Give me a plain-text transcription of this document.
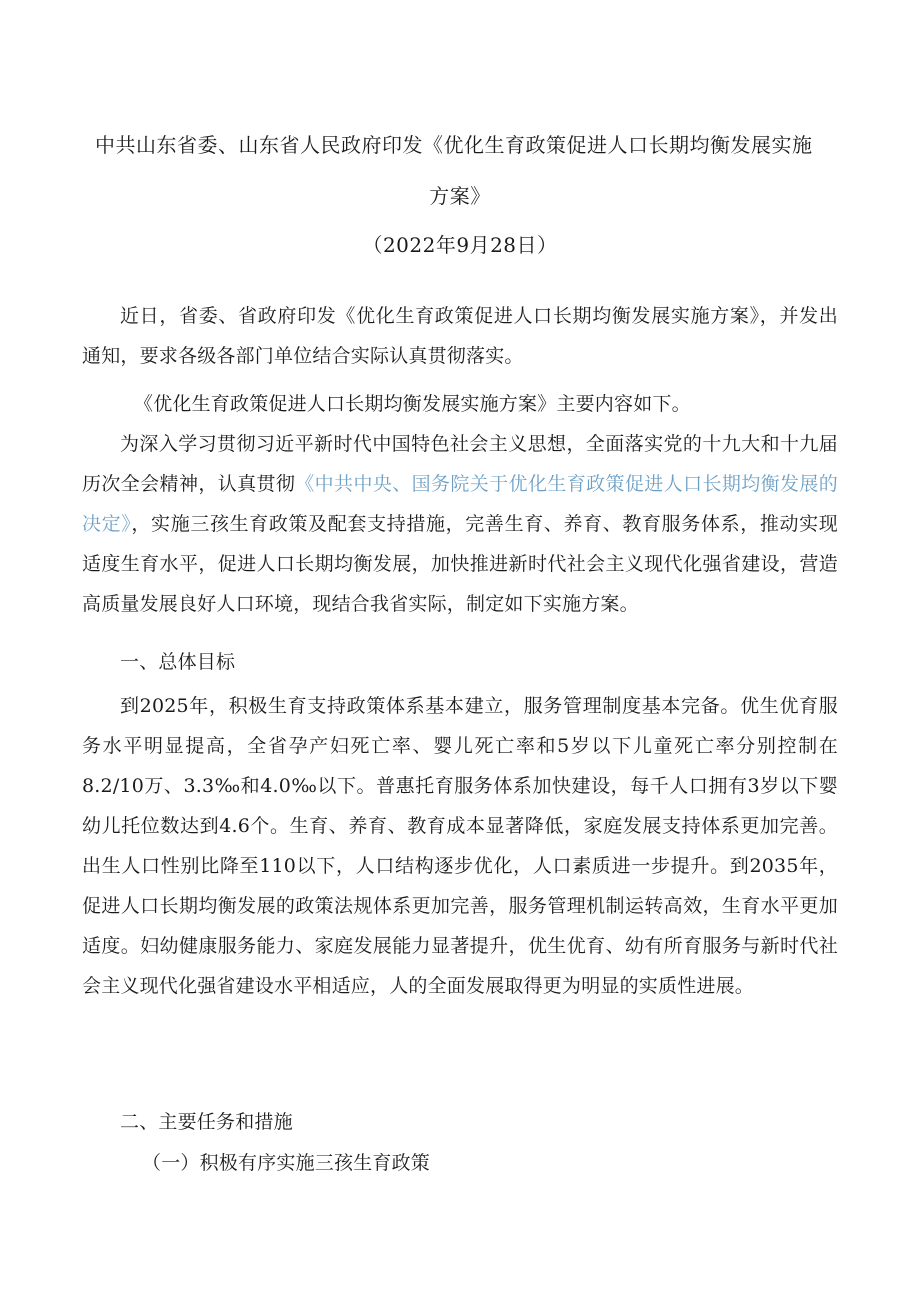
中共山东省委、山东省人民政府印发《优化生育政策促进人口长期均衡发展实施
方案》
（2022年9月28日）

近日，省委、省政府印发《优化生育政策促进人口长期均衡发展实施方案》，并发出通知，要求各级各部门单位结合实际认真贯彻落实。

《优化生育政策促进人口长期均衡发展实施方案》主要内容如下。

为深入学习贯彻习近平新时代中国特色社会主义思想，全面落实党的十九大和十九届历次全会精神，认真贯彻《中共中央、国务院关于优化生育政策促进人口长期均衡发展的决定》，实施三孩生育政策及配套支持措施，完善生育、养育、教育服务体系，推动实现适度生育水平，促进人口长期均衡发展，加快推进新时代社会主义现代化强省建设，营造高质量发展良好人口环境，现结合我省实际，制定如下实施方案。

一、总体目标

到2025年，积极生育支持政策体系基本建立，服务管理制度基本完备。优生优育服务水平明显提高，全省孕产妇死亡率、婴儿死亡率和5岁以下儿童死亡率分别控制在8.2/10万、3.3‰和4.0‰以下。普惠托育服务体系加快建设，每千人口拥有3岁以下婴幼儿托位数达到4.6个。生育、养育、教育成本显著降低，家庭发展支持体系更加完善。出生人口性别比降至110以下，人口结构逐步优化，人口素质进一步提升。到2035年，促进人口长期均衡发展的政策法规体系更加完善，服务管理机制运转高效，生育水平更加适度。妇幼健康服务能力、家庭发展能力显著提升，优生优育、幼有所育服务与新时代社会主义现代化强省建设水平相适应，人的全面发展取得更为明显的实质性进展。

二、主要任务和措施

（一）积极有序实施三孩生育政策
